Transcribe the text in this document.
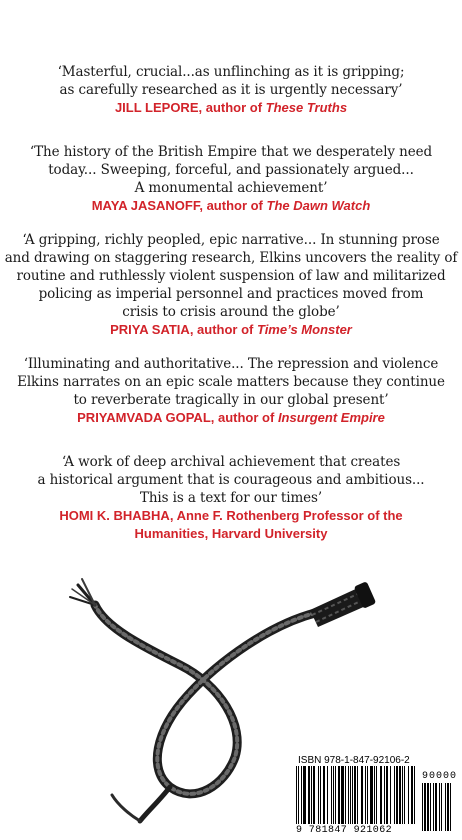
‘Masterful, crucial...as unflinching as it is gripping;
as carefully researched as it is urgently necessary’
JILL LEPORE, author of These Truths
‘The history of the British Empire that we desperately need
today... Sweeping, forceful, and passionately argued...
A monumental achievement’
MAYA JASANOFF, author of The Dawn Watch
‘A gripping, richly peopled, epic narrative... In stunning prose
and drawing on staggering research, Elkins uncovers the reality of
routine and ruthlessly violent suspension of law and militarized
policing as imperial personnel and practices moved from
crisis to crisis around the globe’
PRIYA SATIA, author of Time’s Monster
‘Illuminating and authoritative... The repression and violence
Elkins narrates on an epic scale matters because they continue
to reverberate tragically in our global present’
PRIYAMVADA GOPAL, author of Insurgent Empire
‘A work of deep archival achievement that creates
a historical argument that is courageous and ambitious...
This is a text for our times’
HOMI K. BHABHA, Anne F. Rothenberg Professor of the
Humanities, Harvard University
ISBN 978-1-847-92106-2
90000
9 781847 921062
